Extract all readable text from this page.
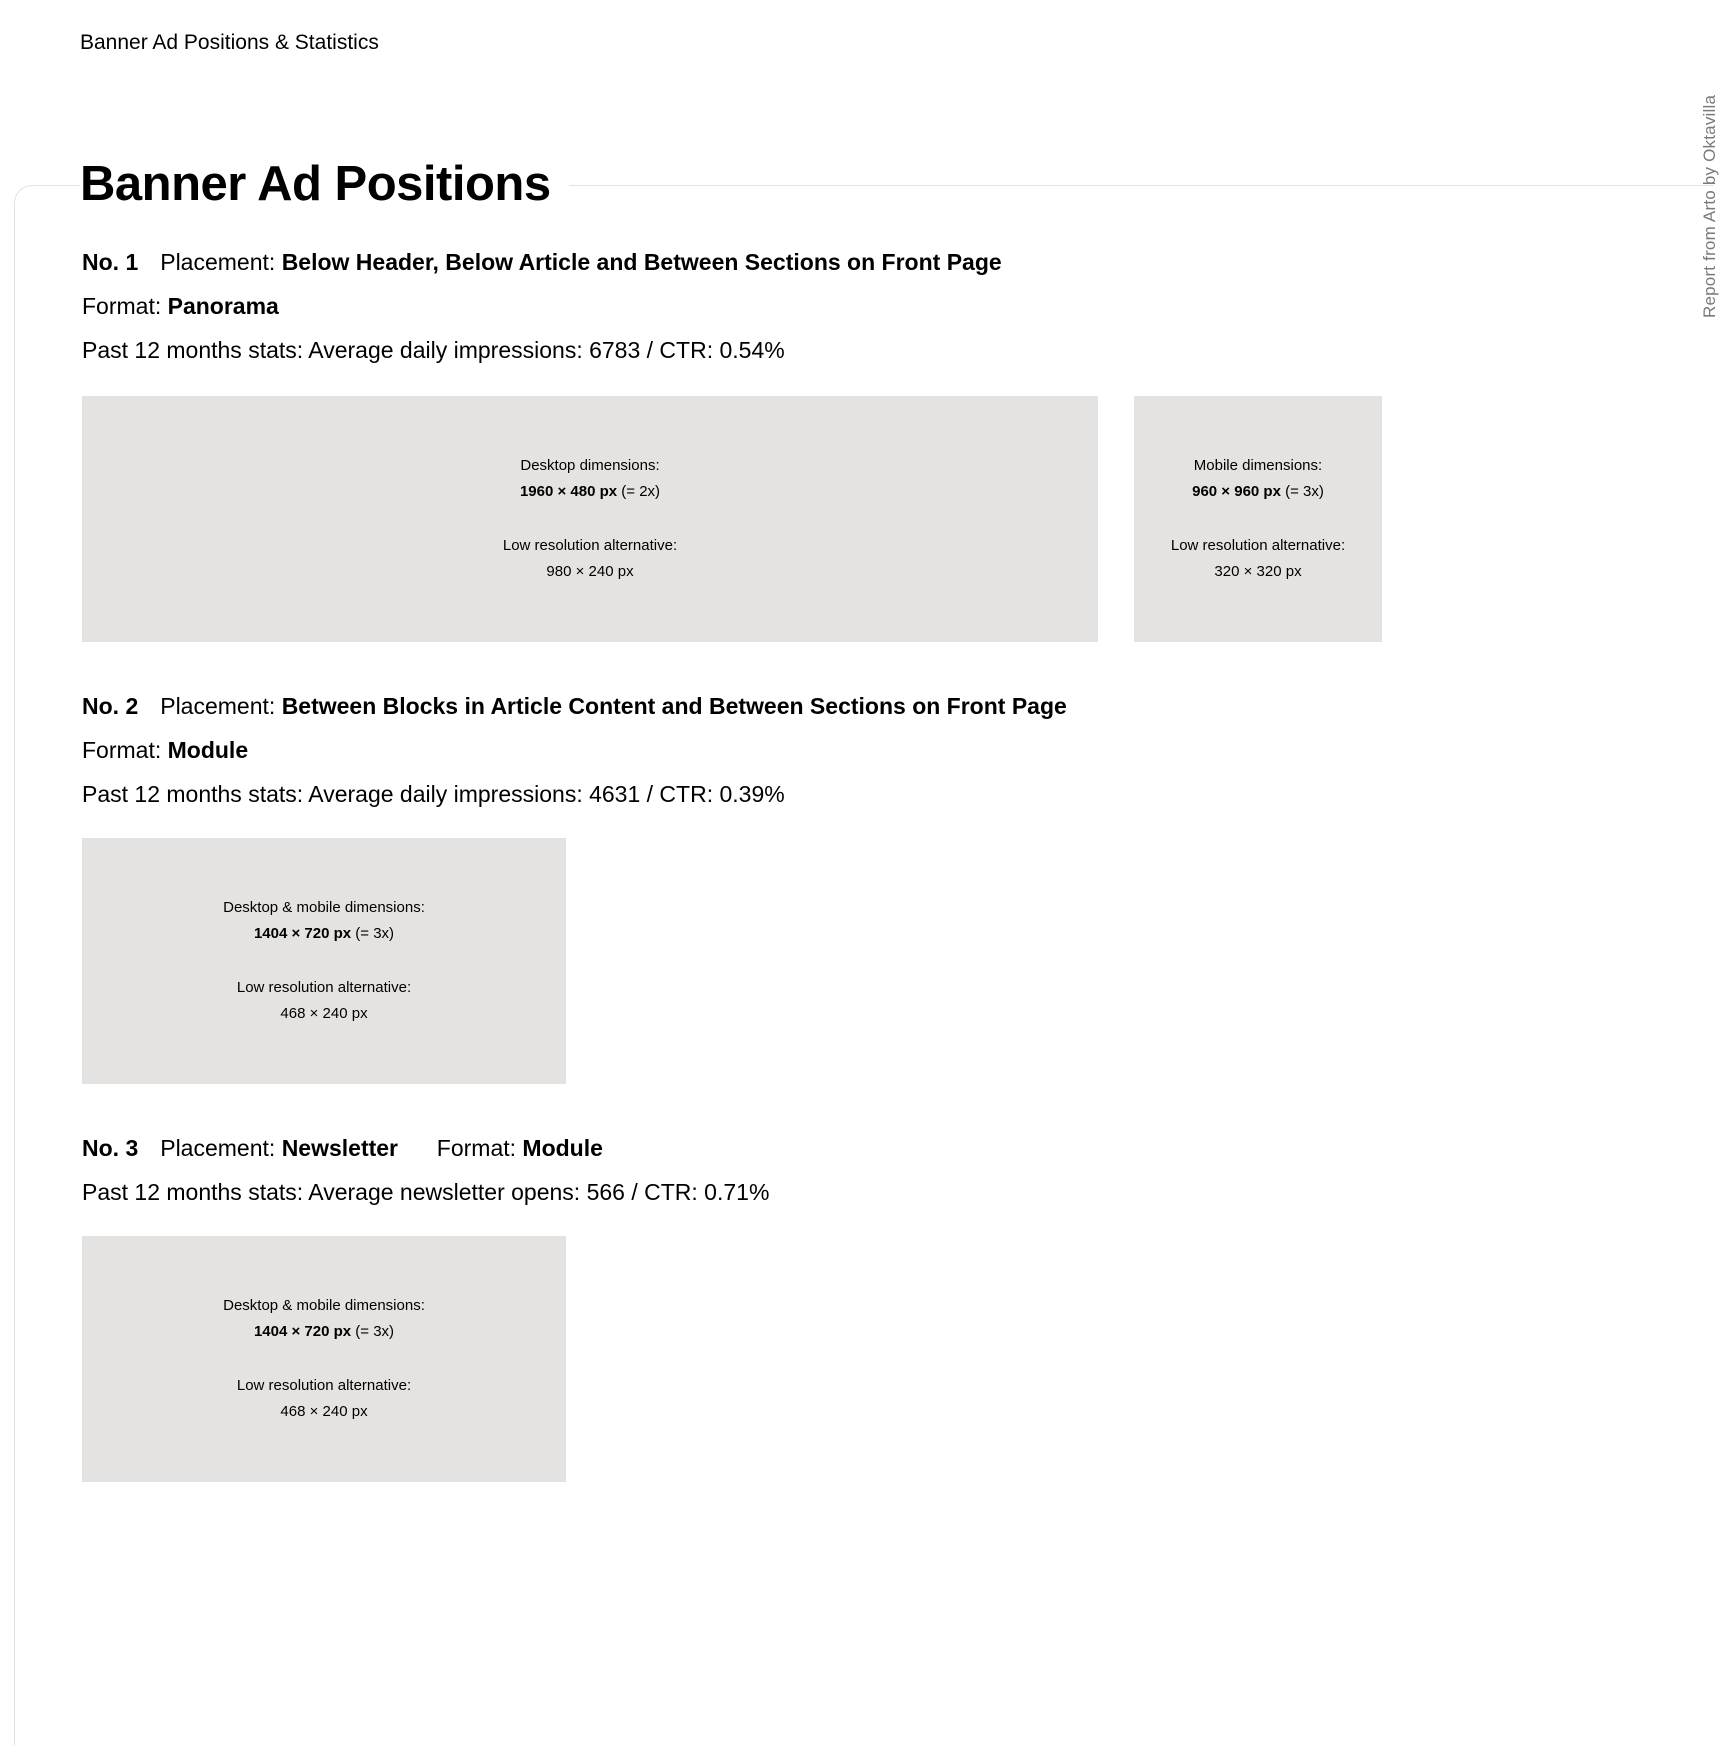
Banner Ad Positions & Statistics
Report from Arto by Oktavilla
Banner Ad Positions
No. 1 Placement: Below Header, Below Article and Between Sections on Front Page
Format: Panorama
Past 12 months stats: Average daily impressions: 6783 / CTR: 0.54%
Desktop dimensions:
1960 × 480 px (= 2x)
Low resolution alternative:
980 × 240 px
Mobile dimensions:
960 × 960 px (= 3x)
Low resolution alternative:
320 × 320 px
No. 2 Placement: Between Blocks in Article Content and Between Sections on Front Page
Format: Module
Past 12 months stats: Average daily impressions: 4631 / CTR: 0.39%
Desktop & mobile dimensions:
1404 × 720 px (= 3x)
Low resolution alternative:
468 × 240 px
No. 3 Placement: Newsletter Format: Module
Past 12 months stats: Average newsletter opens: 566 / CTR: 0.71%
Desktop & mobile dimensions:
1404 × 720 px (= 3x)
Low resolution alternative:
468 × 240 px
